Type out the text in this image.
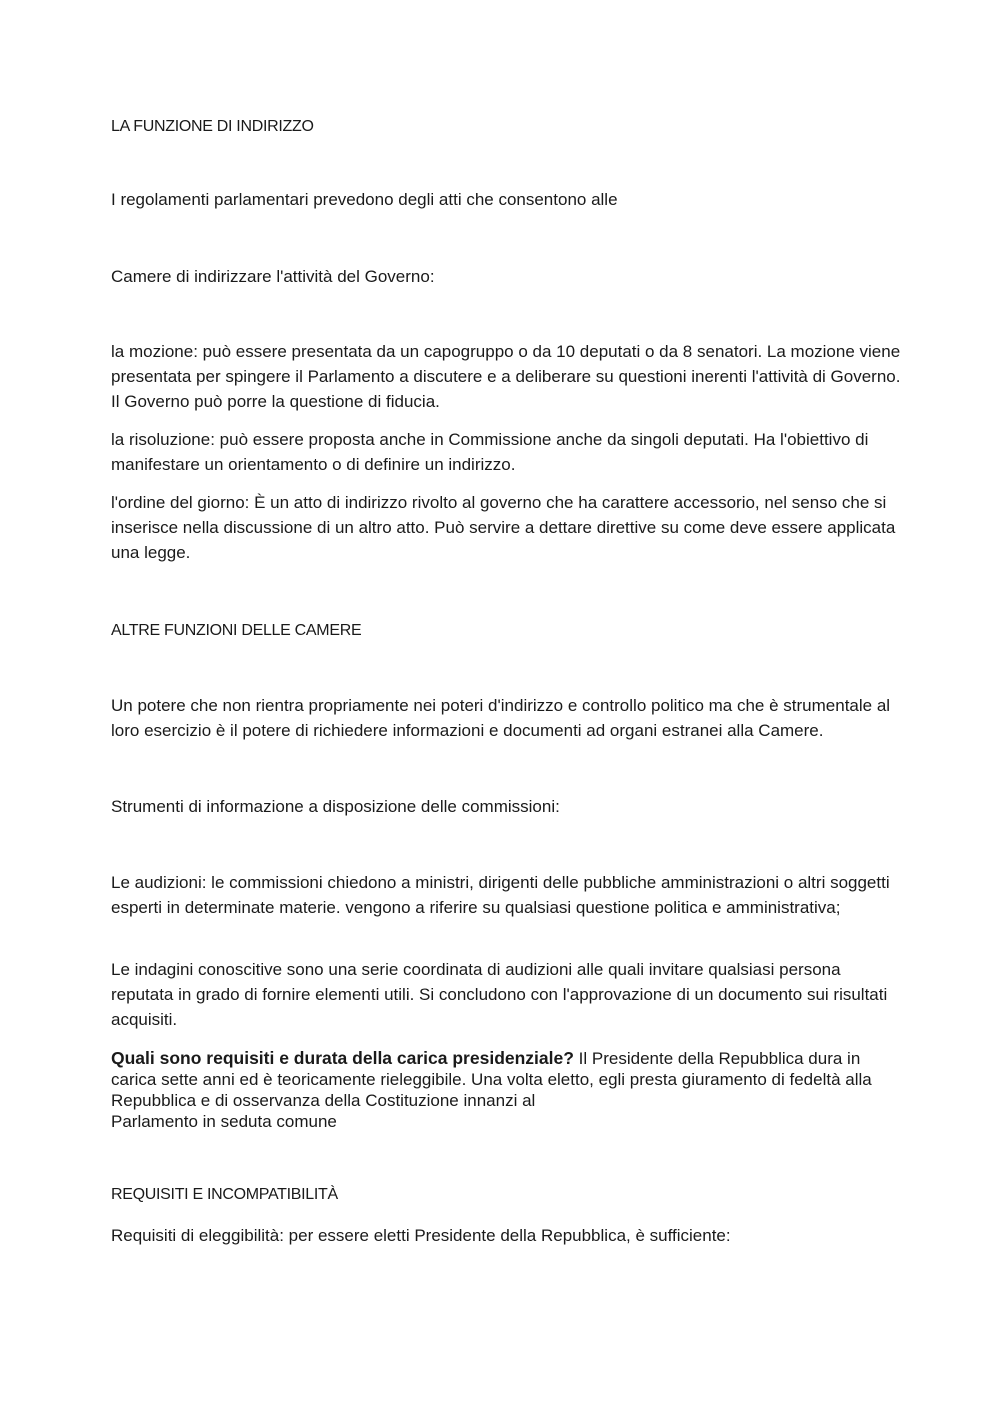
LA FUNZIONE DI INDIRIZZO

I regolamenti parlamentari prevedono degli atti che consentono alle

Camere di indirizzare l'attività del Governo:

la mozione: può essere presentata da un capogruppo o da 10 deputati o da 8 senatori. La mozione viene presentata per spingere il Parlamento a discutere e a deliberare su questioni inerenti l'attività di Governo. Il Governo può porre la questione di fiducia.

la risoluzione: può essere proposta anche in Commissione anche da singoli deputati. Ha l'obiettivo di manifestare un orientamento o di definire un indirizzo.

l'ordine del giorno: È un atto di indirizzo rivolto al governo che ha carattere accessorio, nel senso che si inserisce nella discussione di un altro atto. Può servire a dettare direttive su come deve essere applicata una legge.

ALTRE FUNZIONI DELLE CAMERE

Un potere che non rientra propriamente nei poteri d'indirizzo e controllo politico ma che è strumentale al loro esercizio è il potere di richiedere informazioni e documenti ad organi estranei alla Camere.

Strumenti di informazione a disposizione delle commissioni:

Le audizioni: le commissioni chiedono a ministri, dirigenti delle pubbliche amministrazioni o altri soggetti esperti in determinate materie. vengono a riferire su qualsiasi questione politica e amministrativa;

Le indagini conoscitive sono una serie coordinata di audizioni alle quali invitare qualsiasi persona reputata in grado di fornire elementi utili. Si concludono con l'approvazione di un documento sui risultati acquisiti.

Quali sono requisiti e durata della carica presidenziale? Il Presidente della Repubblica dura in carica sette anni ed è teoricamente rieleggibile. Una volta eletto, egli presta giuramento di fedeltà alla Repubblica e di osservanza della Costituzione innanzi al
Parlamento in seduta comune

REQUISITI E INCOMPATIBILITÀ

Requisiti di eleggibilità: per essere eletti Presidente della Repubblica, è sufficiente:
